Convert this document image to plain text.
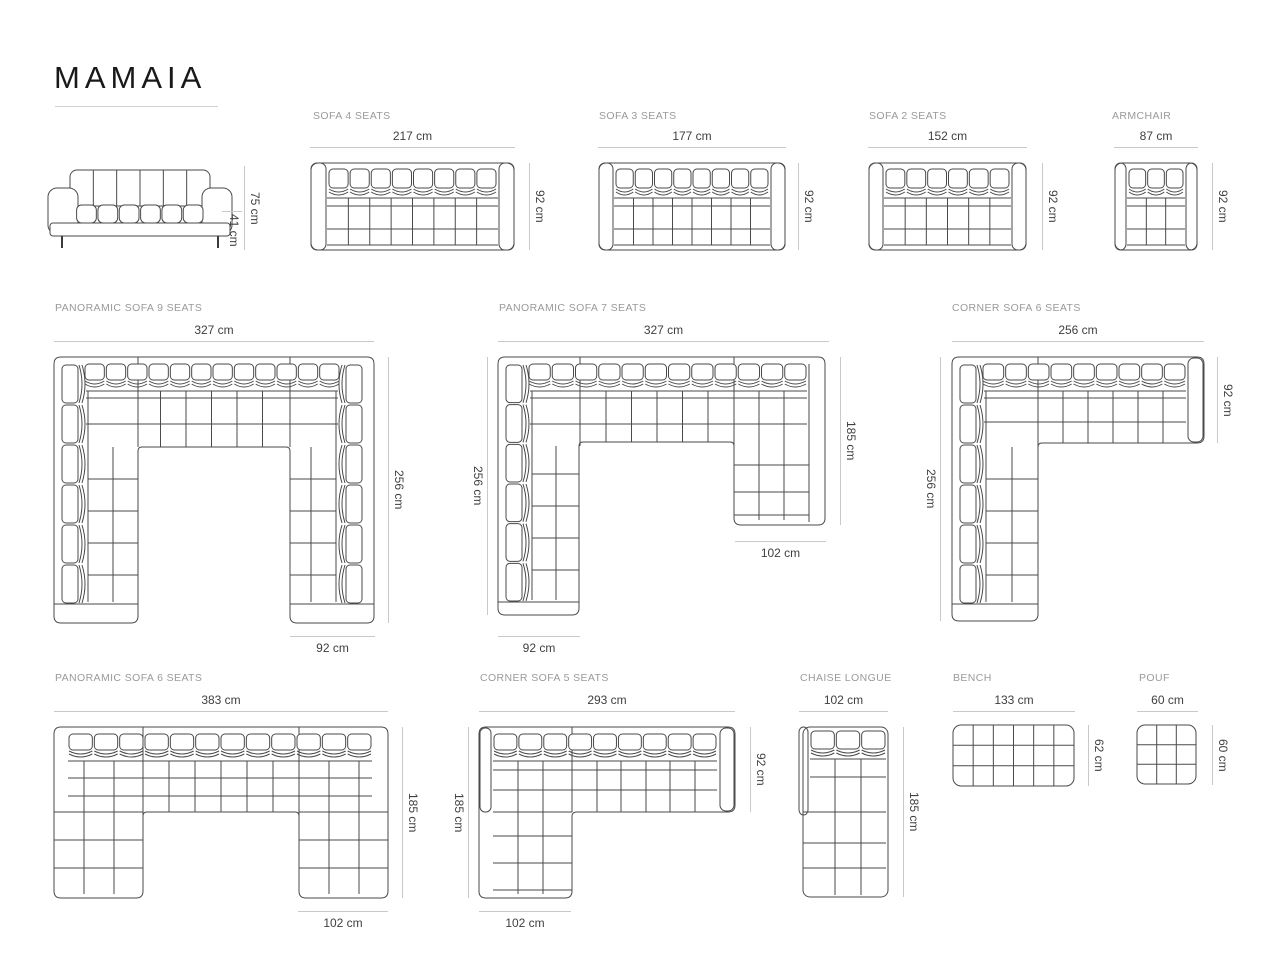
MAMAIA
75 cm
41 cm
SOFA 4 SEATS
217 cm
92 cm
SOFA 3 SEATS
177 cm
92 cm
SOFA 2 SEATS
152 cm
92 cm
ARMCHAIR
87 cm
92 cm
PANORAMIC SOFA 9 SEATS
327 cm
256 cm
92 cm
PANORAMIC SOFA 7 SEATS
327 cm
256 cm
185 cm
102 cm
92 cm
CORNER SOFA 6 SEATS
256 cm
92 cm
256 cm
PANORAMIC SOFA 6 SEATS
383 cm
185 cm
102 cm
CORNER SOFA 5 SEATS
293 cm
92 cm
185 cm
102 cm
CHAISE LONGUE
102 cm
185 cm
BENCH
133 cm
62 cm
POUF
60 cm
60 cm
